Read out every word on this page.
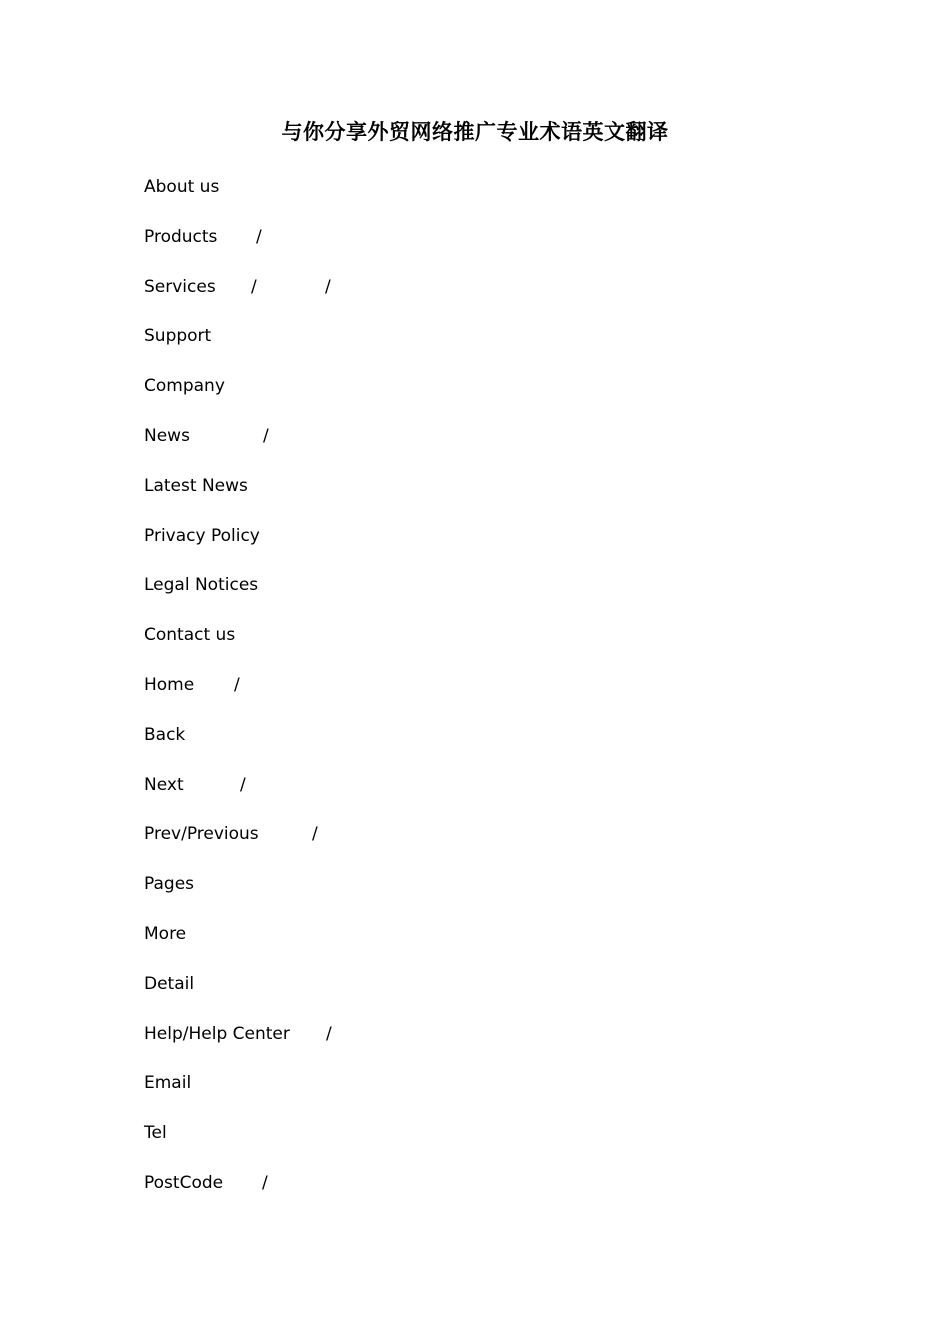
与你分享外贸网络推广专业术语英文翻译
About us
Products /
Services /	/
Support
Company
News	/
Latest News
Privacy Policy
Legal Notices
Contact us
Home /
Back
Next	/
Prev/Previous	/
Pages
More
Detail
Help/Help Center /
Email
Tel
PostCode /
